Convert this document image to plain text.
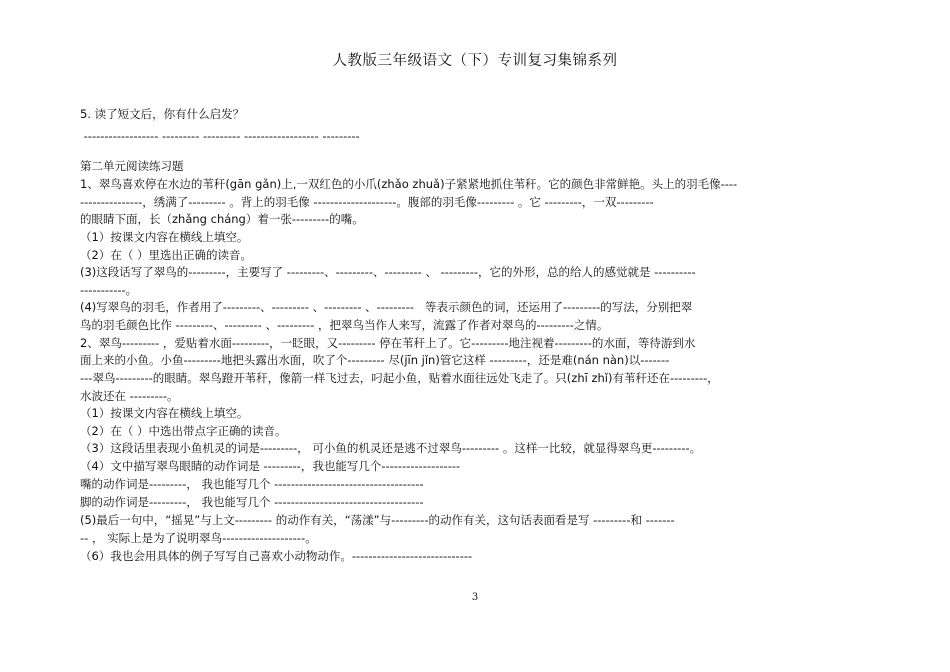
人教版三年级语文（下）专训复习集锦系列
5. 读了短文后，你有什么启发？
------------------ --------- --------- ------------------ ---------
第二单元阅读练习题
1、翠鸟喜欢停在水边的苇秆(gān gǎn)上,一双红色的小爪(zhǎo zhuǎ)子紧紧地抓住苇秆。它的颜色非常鲜艳。头上的羽毛像----
---------------，绣满了--------- 。背上的羽毛像 --------------------。腹部的羽毛像--------- 。它 ---------，一双---------
的眼睛下面，长（zhǎng cháng）着一张---------的嘴。
（1）按课文内容在横线上填空。
（2）在（ ）里选出正确的读音。
(3)这段话写了翠鸟的---------，主要写了 ---------、---------、--------- 、 ---------，它的外形，总的给人的感觉就是 ----------
-----------。
(4)写翠鸟的羽毛，作者用了---------、--------- 、--------- 、---------   等表示颜色的词，还运用了---------的写法，分别把翠
鸟的羽毛颜色比作 ---------、--------- 、--------- ，把翠鸟当作人来写，流露了作者对翠鸟的---------之情。
2、翠鸟--------- ，爱贴着水面---------，一眨眼，又--------- 停在苇秆上了。它---------地注视着---------的水面，等待游到水
面上来的小鱼。小鱼---------地把头露出水面，吹了个--------- 尽(jīn jǐn)管它这样 ---------，还是难(nán nàn)以-------
---翠鸟---------的眼睛。翠鸟蹬开苇秆，像箭一样飞过去，叼起小鱼，贴着水面往远处飞走了。只(zhī zhǐ)有苇秆还在---------，
水波还在 ---------。
（1）按课文内容在横线上填空。
（2）在（ ）中选出带点字正确的读音。
（3）这段话里表现小鱼机灵的词是---------， 可小鱼的机灵还是逃不过翠鸟--------- 。这样一比较，就显得翠鸟更---------。
（4）文中描写翠鸟眼睛的动作词是 ---------，我也能写几个-------------------
嘴的动作词是---------， 我也能写几个 ------------------------------------
脚的动作词是---------， 我也能写几个 ------------------------------------
(5)最后一句中，“摇晃”与上文--------- 的动作有关，“荡漾”与---------的动作有关，这句话表面看是写 ---------和 -------
-- ， 实际上是为了说明翠鸟--------------------。
（6）我也会用具体的例子写写自己喜欢小动物动作。-----------------------------
3
